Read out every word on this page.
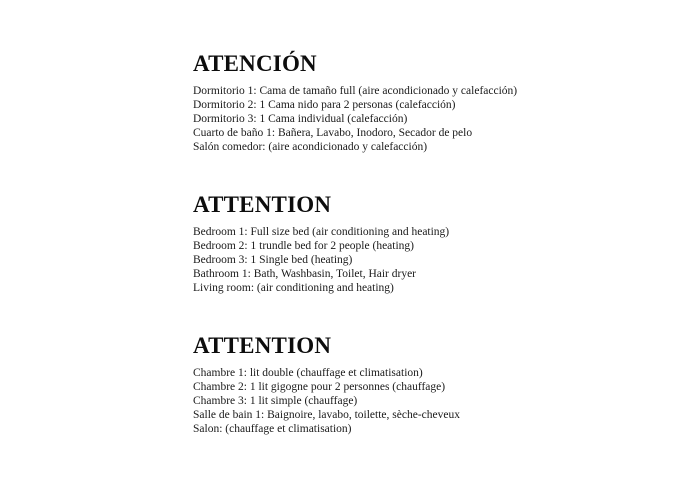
ATENCIÓN
Dormitorio 1: Cama de tamaño full (aire acondicionado y calefacción)
Dormitorio 2: 1 Cama nido para 2 personas (calefacción)
Dormitorio 3: 1 Cama individual (calefacción)
Cuarto de baño 1: Bañera, Lavabo, Inodoro, Secador de pelo
Salón comedor: (aire acondicionado y calefacción)
ATTENTION
Bedroom 1: Full size bed (air conditioning and heating)
Bedroom 2: 1 trundle bed for 2 people (heating)
Bedroom 3: 1 Single bed (heating)
Bathroom 1: Bath, Washbasin, Toilet, Hair dryer
Living room: (air conditioning and heating)
ATTENTION
Chambre 1: lit double (chauffage et climatisation)
Chambre 2: 1 lit gigogne pour 2 personnes (chauffage)
Chambre 3: 1 lit simple (chauffage)
Salle de bain 1: Baignoire, lavabo, toilette, sèche-cheveux
Salon: (chauffage et climatisation)
